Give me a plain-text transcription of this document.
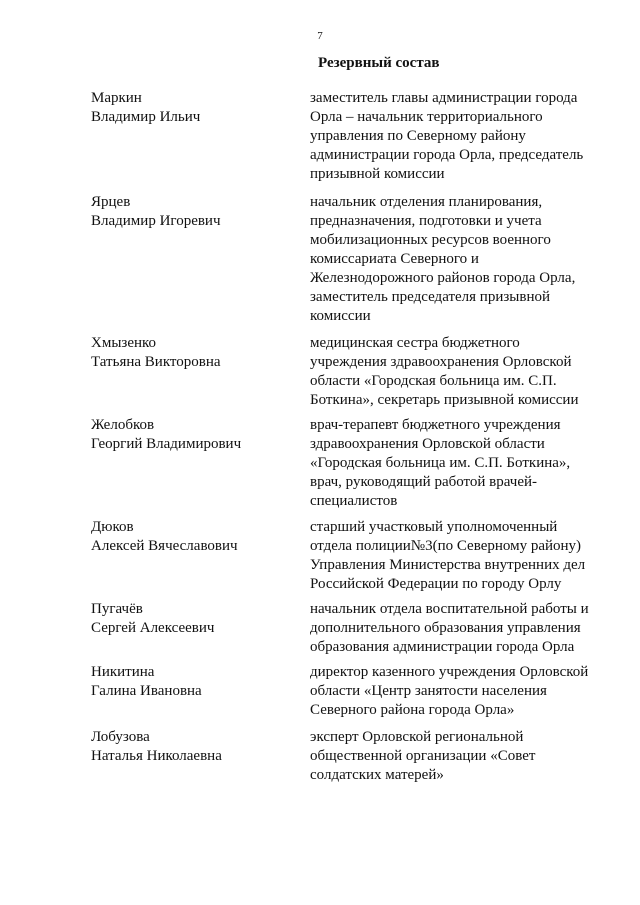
7
Резервный состав
Маркин
Владимир Ильич
заместитель главы администрации города
Орла – начальник территориального
управления по Северному району
администрации города Орла, председатель
призывной комиссии
Ярцев
Владимир Игоревич
начальник отделения планирования,
предназначения, подготовки и учета
мобилизационных ресурсов военного
комиссариата Северного и
Железнодорожного районов города Орла,
заместитель председателя призывной
комиссии
Хмызенко
Татьяна Викторовна
медицинская сестра бюджетного
учреждения здравоохранения Орловской
области «Городская больница им. С.П.
Боткина», секретарь призывной комиссии
Желобков
Георгий Владимирович
врач-терапевт бюджетного учреждения
здравоохранения Орловской области
«Городская больница им. С.П. Боткина»,
врач, руководящий работой врачей-
специалистов
Дюков
Алексей Вячеславович
старший участковый уполномоченный
отдела полиции№3(по Северному району)
Управления Министерства внутренних дел
Российской Федерации по городу Орлу
Пугачёв
Сергей Алексеевич
начальник отдела воспитательной работы и
дополнительного образования управления
образования администрации города Орла
Никитина
Галина Ивановна
директор казенного учреждения Орловской
области «Центр занятости населения
Северного района города Орла»
Лобузова
Наталья Николаевна
эксперт Орловской региональной
общественной организации «Совет
солдатских матерей»
